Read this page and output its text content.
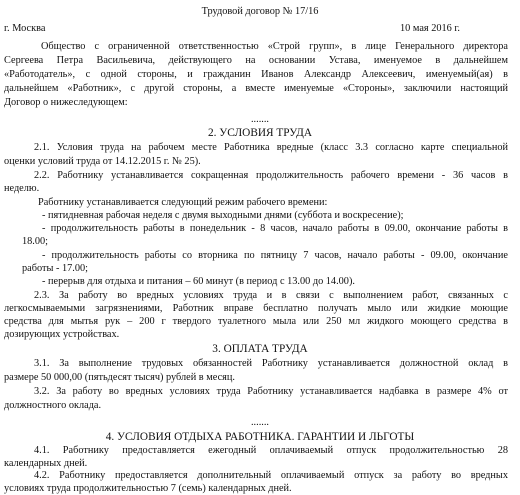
Трудовой договор № 17/16
г. Москва	10 мая 2016 г.
Общество с ограниченной ответственностью «Строй групп», в лице Генерального директора
Сергеева Петра Васильевича, действующего на основании Устава, именуемое в дальнейшем
«Работодатель», с одной стороны, и гражданин Иванов Александр Алексеевич, именуемый(ая) в
дальнейшем «Работник», с другой стороны, а вместе именуемые «Стороны», заключили настоящий
Договор о нижеследующем:
.......
2. УСЛОВИЯ ТРУДА
2.1. Условия труда на рабочем месте Работника вредные (класс 3.3 согласно карте специальной
оценки условий труда от 14.12.2015 г. № 25).
2.2. Работнику устанавливается сокращенная продолжительность рабочего времени - 36 часов в
неделю.
Работнику устанавливается следующий режим рабочего времени:
- пятидневная рабочая неделя с двумя выходными днями (суббота и воскресение);
- продолжительность работы в понедельник - 8 часов, начало работы в 09.00, окончание работы в
18.00;
- продолжительность работы со вторника по пятницу 7 часов, начало работы - 09.00, окончание
работы - 17.00;
- перерыв для отдыха и питания – 60 минут (в период с 13.00 до 14.00).
2.3. За работу во вредных условиях труда и в связи с выполнением работ, связанных с
легкосмываемыми загрязнениями, Работник вправе бесплатно получать мыло или жидкие моющие
средства для мытья рук – 200 г твердого туалетного мыла или 250 мл жидкого моющего средства в
дозирующих устройствах.
3. ОПЛАТА ТРУДА
3.1. За выполнение трудовых обязанностей Работнику устанавливается должностной оклад в
размере 50 000,00 (пятьдесят тысяч) рублей в месяц.
3.2. За работу во вредных условиях труда Работнику устанавливается надбавка в размере 4% от
должностного оклада.
.......
4. УСЛОВИЯ ОТДЫХА РАБОТНИКА. ГАРАНТИИ И ЛЬГОТЫ
4.1. Работнику предоставляется ежегодный оплачиваемый отпуск продолжительностью 28
календарных дней.
4.2. Работнику предоставляется дополнительный оплачиваемый отпуск за работу во вредных
условиях труда продолжительностью 7 (семь) календарных дней.
